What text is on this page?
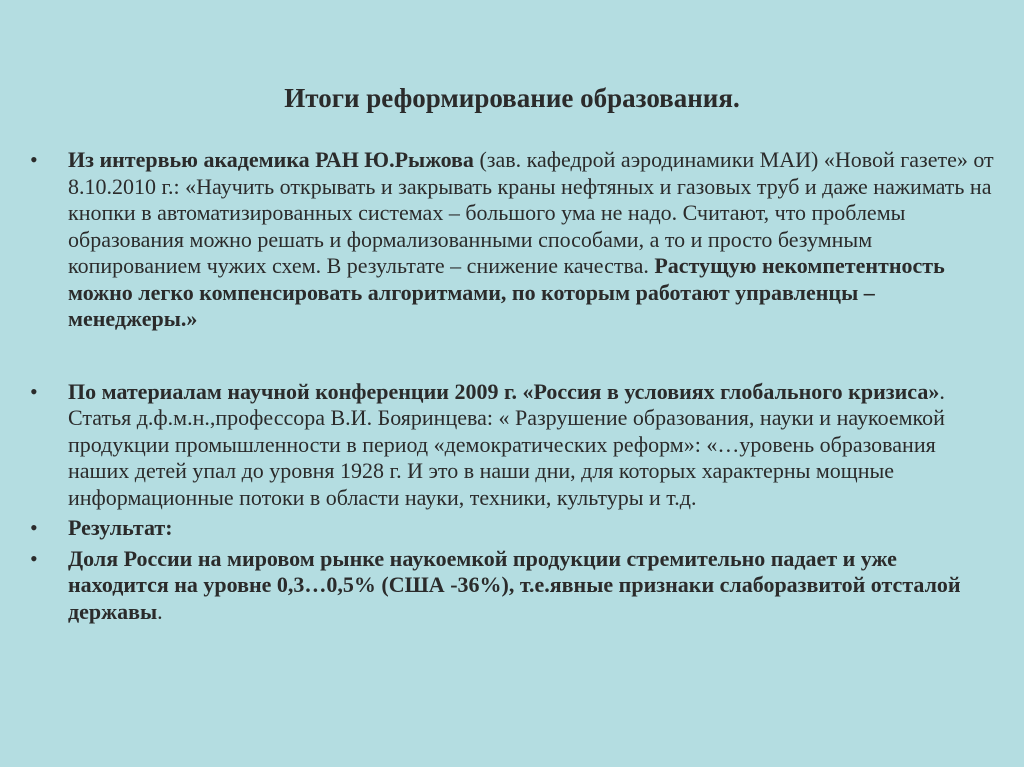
Итоги реформирование образования.
•	Из интервью академика РАН Ю.Рыжова (зав. кафедрой аэродинамики МАИ) «Новой газете» от 8.10.2010 г.: «Научить открывать и закрывать краны нефтяных и газовых труб и даже нажимать на кнопки в автоматизированных системах – большого ума не надо. Считают, что проблемы образования можно решать и формализованными способами, а то и просто безумным копированием чужих схем. В результате – снижение качества. Растущую некомпетентность можно легко компенсировать алгоритмами, по которым работают управленцы – менеджеры.»
•	По материалам научной конференции 2009 г. «Россия в условиях глобального кризиса». Статья д.ф.м.н.,профессора В.И. Бояринцева: « Разрушение образования, науки и наукоемкой продукции промышленности в период «демократических реформ»: «…уровень образования наших детей упал до уровня 1928 г. И это в наши дни, для которых характерны мощные информационные потоки в области науки, техники, культуры и т.д.
•	Результат:
•	Доля России на мировом рынке наукоемкой продукции стремительно падает и уже находится на уровне 0,3…0,5% (США -36%), т.е.явные признаки слаборазвитой отсталой державы.
